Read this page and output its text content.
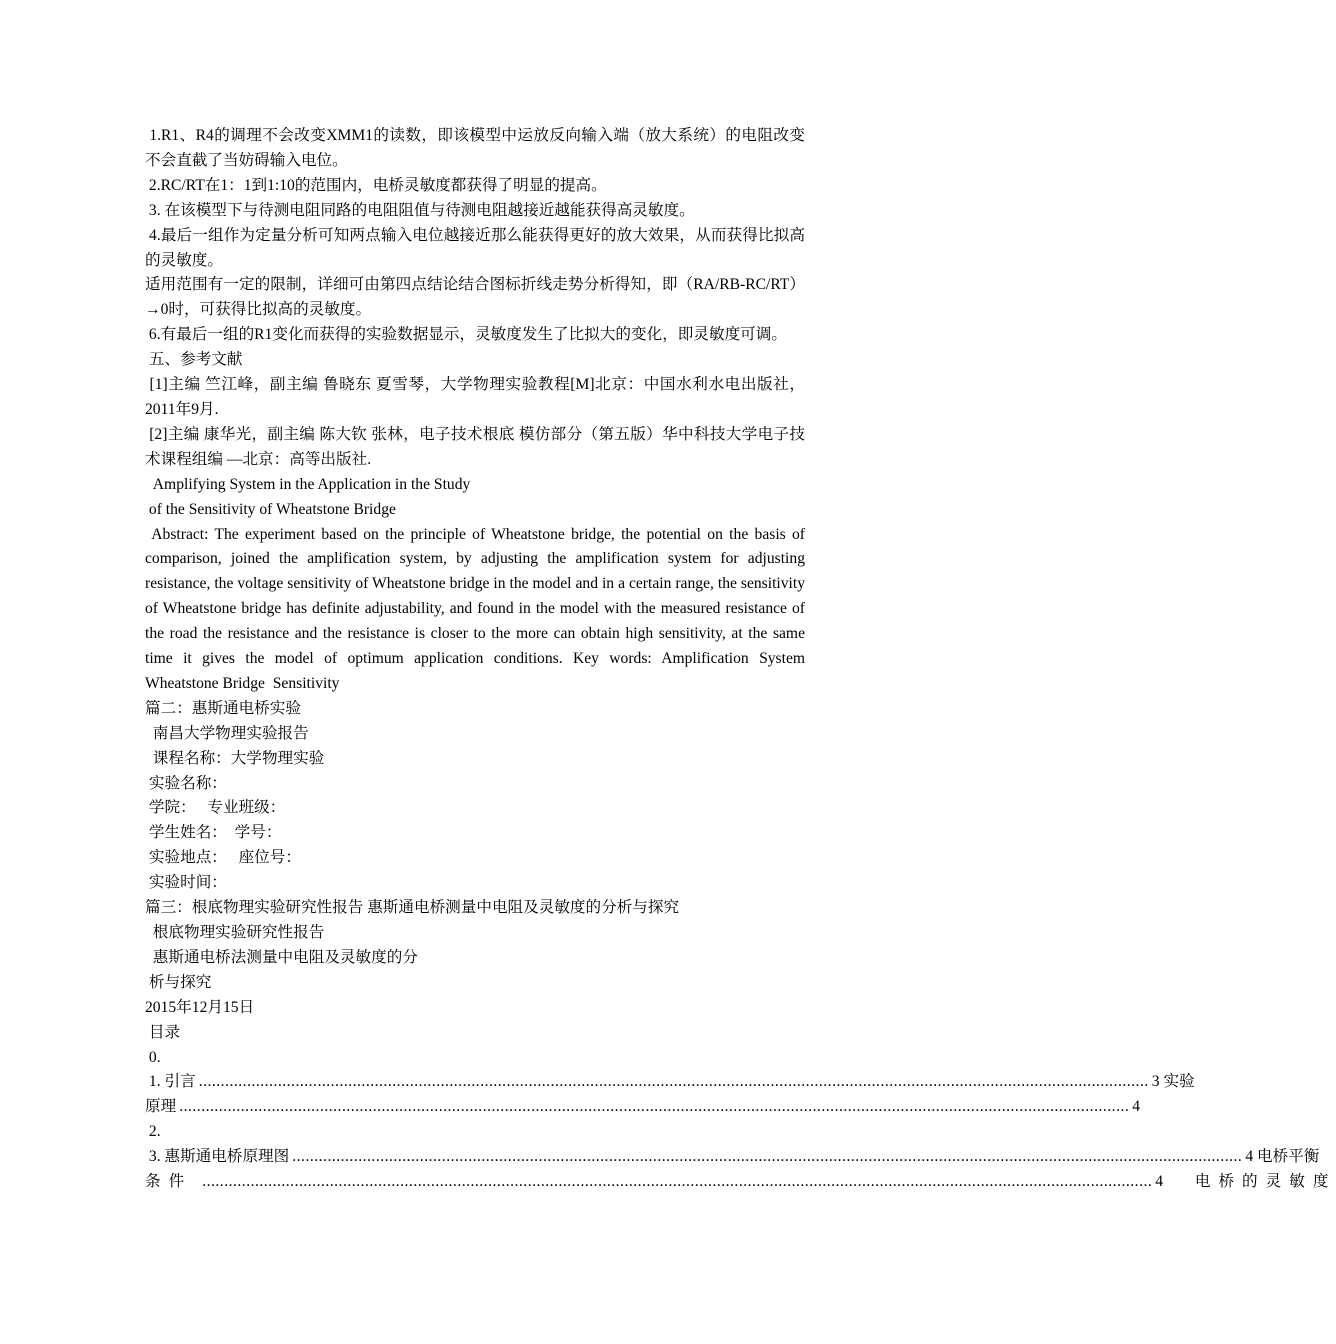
1.R1、R4的调理不会改变XMM1的读数，即该模型中运放反向输入端（放大系统）的电阻改变不会直截了当妨碍输入电位。

2.RC/RT在1：1到1:10的范围内，电桥灵敏度都获得了明显的提高。

3. 在该模型下与待测电阻同路的电阻阻值与待测电阻越接近越能获得高灵敏度。

4.最后一组作为定量分析可知两点输入电位越接近那么能获得更好的放大效果，从而获得比拟高的灵敏度。

适用范围有一定的限制，详细可由第四点结论结合图标折线走势分析得知，即（RA/RB-RC/RT）→0时，可获得比拟高的灵敏度。

6.有最后一组的R1变化而获得的实验数据显示，灵敏度发生了比拟大的变化，即灵敏度可调。

五、参考文献

[1]主编 竺江峰，副主编 鲁晓东 夏雪琴，大学物理实验教程[M]北京：中国水利水电出版社，2011年9月.

[2]主编 康华光，副主编 陈大钦 张林，电子技术根底 模仿部分（第五版）华中科技大学电子技术课程组编 —北京：高等出版社.

Amplifying System in the Application in the Study

of the Sensitivity of Wheatstone Bridge

Abstract: The experiment based on the principle of Wheatstone bridge, the potential on the basis of comparison, joined the amplification system, by adjusting the amplification system for adjusting resistance, the voltage sensitivity of Wheatstone bridge in the model and in a certain range, the sensitivity of Wheatstone bridge has definite adjustability, and found in the model with the measured resistance of the road the resistance and the resistance is closer to the more can obtain high sensitivity, at the same time it gives the model of optimum application conditions. Key words: Amplification System  Wheatstone Bridge  Sensitivity

篇二：惠斯通电桥实验

南昌大学物理实验报告

课程名称：大学物理实验

实验名称：

学院：   专业班级：

学生姓名：  学号：

实验地点：   座位号：

实验时间：

篇三：根底物理实验研究性报告 惠斯通电桥测量中电阻及灵敏度的分析与探究

根底物理实验研究性报告

惠斯通电桥法测量中电阻及灵敏度的分

析与探究

2015年12月15日

目录

0.

1. 引言 ........................................................................................................................................................................................................................ 3 实验
原理 ........................................................................................................................................................................................................................ 4

2.

3. 惠斯通电桥原理图 ........................................................................................................................................................................................................................ 4 电桥平衡
条件 ........................................................................................................................................................................................................................ 4  电桥的灵敏度
